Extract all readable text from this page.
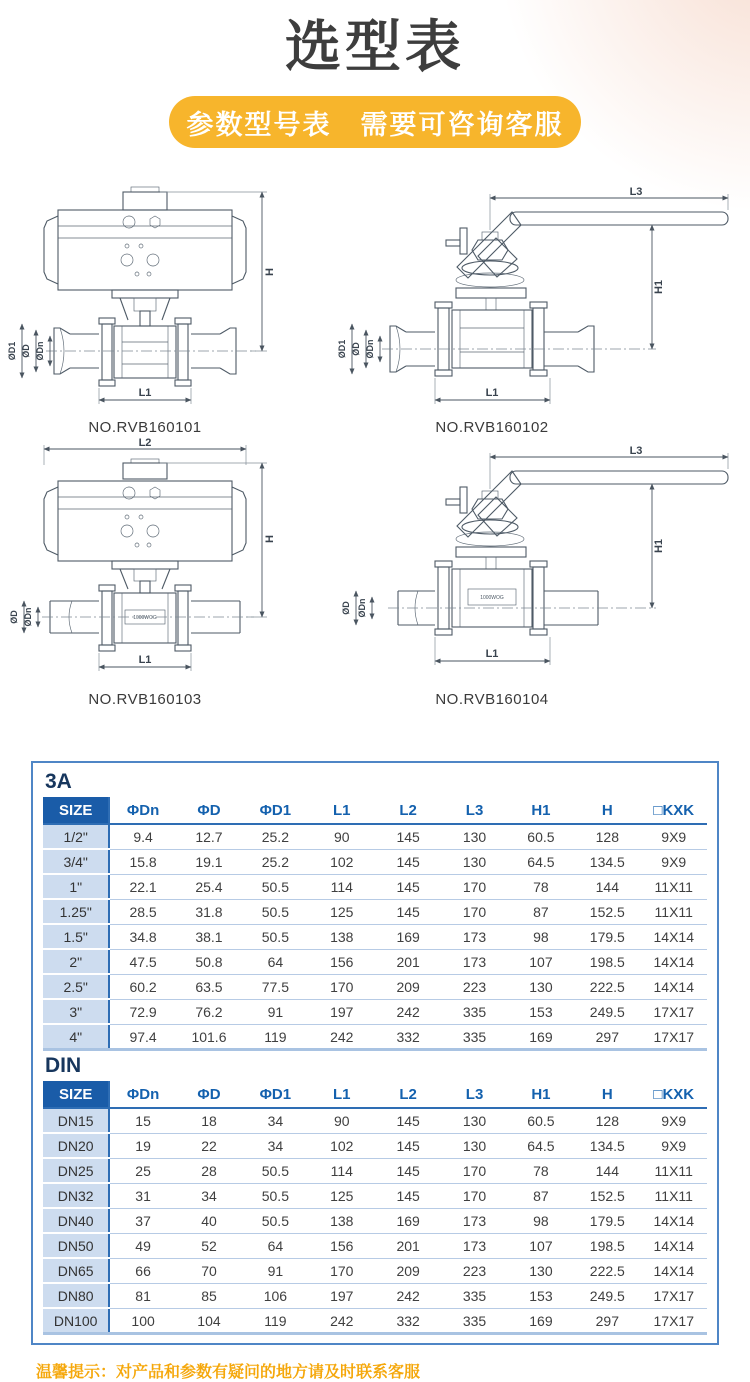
选型表
参数型号表　需要可咨询客服
H
L1
ØD1 ØD ØDn
NO.RVB160101
L3
H1
L1
ØD1 ØD ØDn
NO.RVB160102
L2
1000WOG
H
L1
ØD ØDn
NO.RVB160103
1000WOG
L3
H1
L1
ØD ØDn
NO.RVB160104
3A
SIZE	ΦDn	ΦD	ΦD1	L1	L2	L3	H1	H	□KXK
1/2"	9.4	12.7	25.2	90	145	130	60.5	128	9X9
3/4"	15.8	19.1	25.2	102	145	130	64.5	134.5	9X9
1"	22.1	25.4	50.5	114	145	170	78	144	11X11
1.25"	28.5	31.8	50.5	125	145	170	87	152.5	11X11
1.5"	34.8	38.1	50.5	138	169	173	98	179.5	14X14
2"	47.5	50.8	64	156	201	173	107	198.5	14X14
2.5"	60.2	63.5	77.5	170	209	223	130	222.5	14X14
3"	72.9	76.2	91	197	242	335	153	249.5	17X17
4"	97.4	101.6	119	242	332	335	169	297	17X17
DIN
SIZE	ΦDn	ΦD	ΦD1	L1	L2	L3	H1	H	□KXK
DN15	15	18	34	90	145	130	60.5	128	9X9
DN20	19	22	34	102	145	130	64.5	134.5	9X9
DN25	25	28	50.5	114	145	170	78	144	11X11
DN32	31	34	50.5	125	145	170	87	152.5	11X11
DN40	37	40	50.5	138	169	173	98	179.5	14X14
DN50	49	52	64	156	201	173	107	198.5	14X14
DN65	66	70	91	170	209	223	130	222.5	14X14
DN80	81	85	106	197	242	335	153	249.5	17X17
DN100	100	104	119	242	332	335	169	297	17X17
温馨提示：对产品和参数有疑问的地方请及时联系客服
